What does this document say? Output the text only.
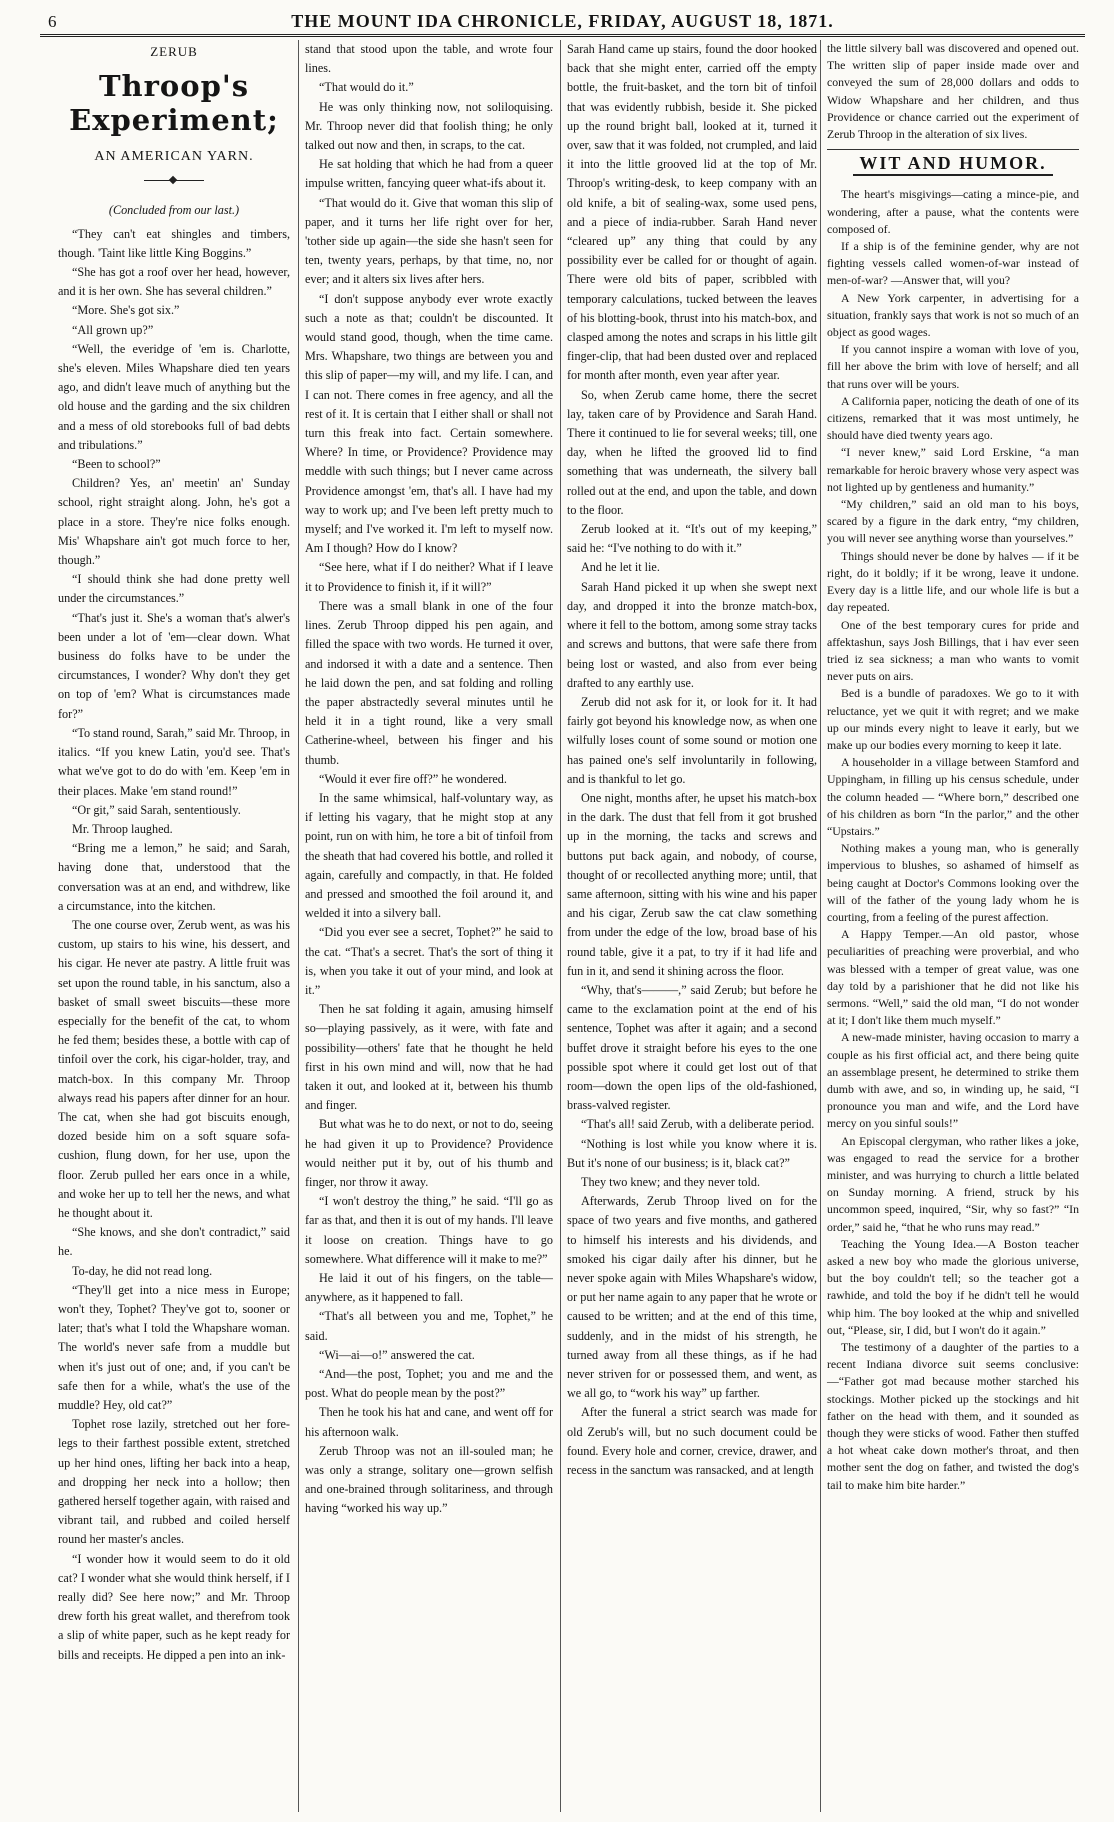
6	THE MOUNT IDA CHRONICLE, FRIDAY, AUGUST 18, 1871.
ZERUB
Throop's Experiment;
AN AMERICAN YARN.

(Concluded from our last.)

“They can't eat shingles and timbers, though. 'Taint like little King Boggins.”

“She has got a roof over her head, however, and it is her own. She has several children.”

“More. She's got six.”

“All grown up?”

“Well, the everidge of 'em is. Charlotte, she's eleven. Miles Whapshare died ten years ago, and didn't leave much of anything but the old house and the garding and the six children and a mess of old storebooks full of bad debts and tribulations.”

“Been to school?”

Children? Yes, an' meetin' an' Sunday school, right straight along. John, he's got a place in a store. They're nice folks enough. Mis' Whapshare ain't got much force to her, though.”

“I should think she had done pretty well under the circumstances.”

“That's just it. She's a woman that's alwer's been under a lot of 'em—clear down. What business do folks have to be under the circumstances, I wonder? Why don't they get on top of 'em? What is circumstances made for?”

“To stand round, Sarah,” said Mr. Throop, in italics. “If you knew Latin, you'd see. That's what we've got to do do with 'em. Keep 'em in their places. Make 'em stand round!”

“Or git,” said Sarah, sententiously.

Mr. Throop laughed.

“Bring me a lemon,” he said; and Sarah, having done that, understood that the conversation was at an end, and withdrew, like a circumstance, into the kitchen.

The one course over, Zerub went, as was his custom, up stairs to his wine, his dessert, and his cigar. He never ate pastry. A little fruit was set upon the round table, in his sanctum, also a basket of small sweet biscuits—these more especially for the benefit of the cat, to whom he fed them; besides these, a bottle with cap of tinfoil over the cork, his cigar-holder, tray, and match-box. In this company Mr. Throop always read his papers after dinner for an hour. The cat, when she had got biscuits enough, dozed beside him on a soft square sofa-cushion, flung down, for her use, upon the floor. Zerub pulled her ears once in a while, and woke her up to tell her the news, and what he thought about it.

“She knows, and she don't contradict,” said he.

To-day, he did not read long.

“They'll get into a nice mess in Europe; won't they, Tophet? They've got to, sooner or later; that's what I told the Whapshare woman. The world's never safe from a muddle but when it's just out of one; and, if you can't be safe then for a while, what's the use of the muddle? Hey, old cat?”

Tophet rose lazily, stretched out her fore-legs to their farthest possible extent, stretched up her hind ones, lifting her back into a heap, and dropping her neck into a hollow; then gathered herself together again, with raised and vibrant tail, and rubbed and coiled herself round her master's ancles.

“I wonder how it would seem to do it old cat? I wonder what she would think herself, if I really did? See here now;” and Mr. Throop drew forth his great wallet, and therefrom took a slip of white paper, such as he kept ready for bills and receipts. He dipped a pen into an ink-

stand that stood upon the table, and wrote four lines.

“That would do it.”

He was only thinking now, not soliloquising. Mr. Throop never did that foolish thing; he only talked out now and then, in scraps, to the cat.

He sat holding that which he had from a queer impulse written, fancying queer what-ifs about it.

“That would do it. Give that woman this slip of paper, and it turns her life right over for her, 'tother side up again—the side she hasn't seen for ten, twenty years, perhaps, by that time, no, nor ever; and it alters six lives after hers.

“I don't suppose anybody ever wrote exactly such a note as that; couldn't be discounted. It would stand good, though, when the time came. Mrs. Whapshare, two things are between you and this slip of paper—my will, and my life. I can, and I can not. There comes in free agency, and all the rest of it. It is certain that I either shall or shall not turn this freak into fact. Certain somewhere. Where? In time, or Providence? Providence may meddle with such things; but I never came across Providence amongst 'em, that's all. I have had my way to work up; and I've been left pretty much to myself; and I've worked it. I'm left to myself now. Am I though? How do I know?

“See here, what if I do neither? What if I leave it to Providence to finish it, if it will?”

There was a small blank in one of the four lines. Zerub Throop dipped his pen again, and filled the space with two words. He turned it over, and indorsed it with a date and a sentence. Then he laid down the pen, and sat folding and rolling the paper abstractedly several minutes until he held it in a tight round, like a very small Catherine-wheel, between his finger and his thumb.

“Would it ever fire off?” he wondered.

In the same whimsical, half-voluntary way, as if letting his vagary, that he might stop at any point, run on with him, he tore a bit of tinfoil from the sheath that had covered his bottle, and rolled it again, carefully and compactly, in that. He folded and pressed and smoothed the foil around it, and welded it into a silvery ball.

“Did you ever see a secret, Tophet?” he said to the cat. “That's a secret. That's the sort of thing it is, when you take it out of your mind, and look at it.”

Then he sat folding it again, amusing himself so—playing passively, as it were, with fate and possibility—others' fate that he thought he held first in his own mind and will, now that he had taken it out, and looked at it, between his thumb and finger.

But what was he to do next, or not to do, seeing he had given it up to Providence? Providence would neither put it by, out of his thumb and finger, nor throw it away.

“I won't destroy the thing,” he said. “I'll go as far as that, and then it is out of my hands. I'll leave it loose on creation. Things have to go somewhere. What difference will it make to me?”

He laid it out of his fingers, on the table—anywhere, as it happened to fall.

“That's all between you and me, Tophet,” he said.

“Wi—ai—o!” answered the cat.

“And—the post, Tophet; you and me and the post. What do people mean by the post?”

Then he took his hat and cane, and went off for his afternoon walk.

Zerub Throop was not an ill-souled man; he was only a strange, solitary one—grown selfish and one-brained through solitariness, and through having “worked his way up.”

Sarah Hand came up stairs, found the door hooked back that she might enter, carried off the empty bottle, the fruit-basket, and the torn bit of tinfoil that was evidently rubbish, beside it. She picked up the round bright ball, looked at it, turned it over, saw that it was folded, not crumpled, and laid it into the little grooved lid at the top of Mr. Throop's writing-desk, to keep company with an old knife, a bit of sealing-wax, some used pens, and a piece of india-rubber. Sarah Hand never “cleared up” any thing that could by any possibility ever be called for or thought of again. There were old bits of paper, scribbled with temporary calculations, tucked between the leaves of his blotting-book, thrust into his match-box, and clasped among the notes and scraps in his little gilt finger-clip, that had been dusted over and replaced for month after month, even year after year.

So, when Zerub came home, there the secret lay, taken care of by Providence and Sarah Hand. There it continued to lie for several weeks; till, one day, when he lifted the grooved lid to find something that was underneath, the silvery ball rolled out at the end, and upon the table, and down to the floor.

Zerub looked at it. “It's out of my keeping,” said he: “I've nothing to do with it.”

And he let it lie.

Sarah Hand picked it up when she swept next day, and dropped it into the bronze match-box, where it fell to the bottom, among some stray tacks and screws and buttons, that were safe there from being lost or wasted, and also from ever being drafted to any earthly use.

Zerub did not ask for it, or look for it. It had fairly got beyond his knowledge now, as when one wilfully loses count of some sound or motion one has pained one's self involuntarily in following, and is thankful to let go.

One night, months after, he upset his match-box in the dark. The dust that fell from it got brushed up in the morning, the tacks and screws and buttons put back again, and nobody, of course, thought of or recollected anything more; until, that same afternoon, sitting with his wine and his paper and his cigar, Zerub saw the cat claw something from under the edge of the low, broad base of his round table, give it a pat, to try if it had life and fun in it, and send it shining across the floor.

“Why, that's———,” said Zerub; but before he came to the exclamation point at the end of his sentence, Tophet was after it again; and a second buffet drove it straight before his eyes to the one possible spot where it could get lost out of that room—down the open lips of the old-fashioned, brass-valved register.

“That's all! said Zerub, with a deliberate period.

“Nothing is lost while you know where it is. But it's none of our business; is it, black cat?”

They two knew; and they never told.

Afterwards, Zerub Throop lived on for the space of two years and five months, and gathered to himself his interests and his dividends, and smoked his cigar daily after his dinner, but he never spoke again with Miles Whapshare's widow, or put her name again to any paper that he wrote or caused to be written; and at the end of this time, suddenly, and in the midst of his strength, he turned away from all these things, as if he had never striven for or possessed them, and went, as we all go, to “work his way” up farther.

After the funeral a strict search was made for old Zerub's will, but no such document could be found. Every hole and corner, crevice, drawer, and recess in the sanctum was ransacked, and at length

the little silvery ball was discovered and opened out. The written slip of paper inside made over and conveyed the sum of 28,000 dollars and odds to Widow Whapshare and her children, and thus Providence or chance carried out the experiment of Zerub Throop in the alteration of six lives.

WIT AND HUMOR.

The heart's misgivings—cating a mince-pie, and wondering, after a pause, what the contents were composed of.

If a ship is of the feminine gender, why are not fighting vessels called women-of-war instead of men-of-war? —Answer that, will you?

A New York carpenter, in advertising for a situation, frankly says that work is not so much of an object as good wages.

If you cannot inspire a woman with love of you, fill her above the brim with love of herself; and all that runs over will be yours.

A California paper, noticing the death of one of its citizens, remarked that it was most untimely, he should have died twenty years ago.

“I never knew,” said Lord Erskine, “a man remarkable for heroic bravery whose very aspect was not lighted up by gentleness and humanity.”

“My children,” said an old man to his boys, scared by a figure in the dark entry, “my children, you will never see anything worse than yourselves.”

Things should never be done by halves — if it be right, do it boldly; if it be wrong, leave it undone. Every day is a little life, and our whole life is but a day repeated.

One of the best temporary cures for pride and affektashun, says Josh Billings, that i hav ever seen tried iz sea sickness; a man who wants to vomit never puts on airs.

Bed is a bundle of paradoxes. We go to it with reluctance, yet we quit it with regret; and we make up our minds every night to leave it early, but we make up our bodies every morning to keep it late.

A householder in a village between Stamford and Uppingham, in filling up his census schedule, under the column headed — “Where born,” described one of his children as born “In the parlor,” and the other “Upstairs.”

Nothing makes a young man, who is generally impervious to blushes, so ashamed of himself as being caught at Doctor's Commons looking over the will of the father of the young lady whom he is courting, from a feeling of the purest affection.

A Happy Temper.—An old pastor, whose peculiarities of preaching were proverbial, and who was blessed with a temper of great value, was one day told by a parishioner that he did not like his sermons. “Well,” said the old man, “I do not wonder at it; I don't like them much myself.”

A new-made minister, having occasion to marry a couple as his first official act, and there being quite an assemblage present, he determined to strike them dumb with awe, and so, in winding up, he said, “I pronounce you man and wife, and the Lord have mercy on you sinful souls!”

An Episcopal clergyman, who rather likes a joke, was engaged to read the service for a brother minister, and was hurrying to church a little belated on Sunday morning. A friend, struck by his uncommon speed, inquired, “Sir, why so fast?” “In order,” said he, “that he who runs may read.”

Teaching the Young Idea.—A Boston teacher asked a new boy who made the glorious universe, but the boy couldn't tell; so the teacher got a rawhide, and told the boy if he didn't tell he would whip him. The boy looked at the whip and snivelled out, “Please, sir, I did, but I won't do it again.”

The testimony of a daughter of the parties to a recent Indiana divorce suit seems conclusive:—“Father got mad because mother starched his stockings. Mother picked up the stockings and hit father on the head with them, and it sounded as though they were sticks of wood. Father then stuffed a hot wheat cake down mother's throat, and then mother sent the dog on father, and twisted the dog's tail to make him bite harder.”
